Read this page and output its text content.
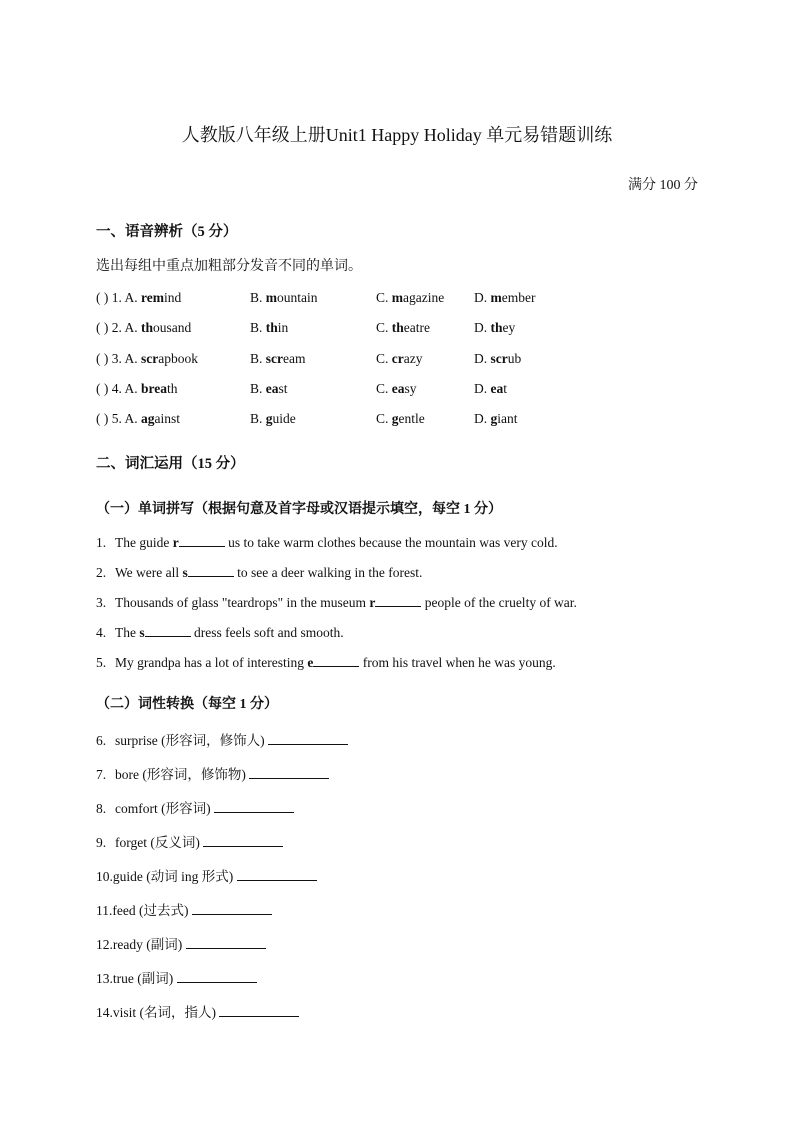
人教版八年级上册Unit1 Happy Holiday 单元易错题训练
满分 100 分
一、语音辨析（5 分）
选出每组中重点加粗部分发音不同的单词。
( ) 1. A. remind	B. mountain	C. magazine D. member
( ) 2. A. thousand	B. thin	C. theatre	D. they
( ) 3. A. scrapbook	B. scream	C. crazy	D. scrub
( ) 4. A. breath	B. east	C. easy	D. eat
( ) 5. A. against	B. guide	C. gentle	D. giant
二、词汇运用（15 分）
（一）单词拼写（根据句意及首字母或汉语提示填空，每空 1 分）
1. The guide r	us to take warm clothes because the mountain was very cold.
2. We were all s	to see a deer walking in the forest.
3. Thousands of glass "teardrops" in the museum r	people of the cruelty of war.
4. The s	dress feels soft and smooth.
5. My grandpa has a lot of interesting e	from his travel when he was young.
（二）词性转换（每空 1 分）
6. surprise (形容词，修饰人)
7. bore (形容词，修饰物)
8. comfort (形容词)
9. forget (反义词)
10.guide (动词 ing 形式)
11.feed (过去式)
12.ready (副词)
13.true (副词)
14.visit (名词，指人)
